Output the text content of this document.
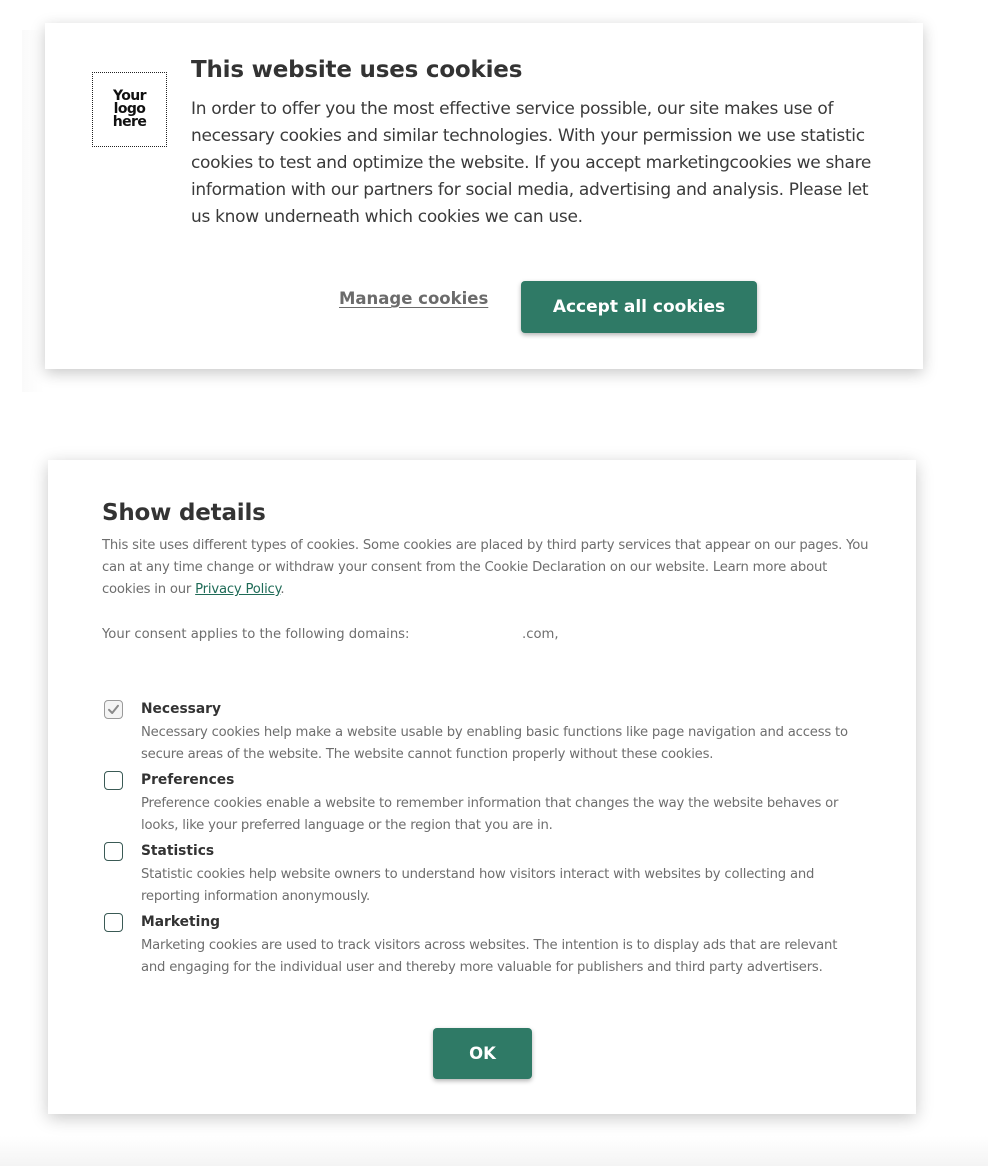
Your logo here
This website uses cookies

In order to offer you the most effective service possible, our site makes use of necessary cookies and similar technologies. With your permission we use statistic cookies to test and optimize the website. If you accept marketingcookies we share information with our partners for social media, advertising and analysis. Please let us know underneath which cookies we can use.

Manage cookies	Accept all cookies
Show details

This site uses different types of cookies. Some cookies are placed by third party services that appear on our pages. You can at any time change or withdraw your consent from the Cookie Declaration on our website. Learn more about cookies in our Privacy Policy.

Your consent applies to the following domains:	.com,
Necessary

Necessary cookies help make a website usable by enabling basic functions like page navigation and access to secure areas of the website. The website cannot function properly without these cookies.

Preferences

Preference cookies enable a website to remember information that changes the way the website behaves or looks, like your preferred language or the region that you are in.

Statistics

Statistic cookies help website owners to understand how visitors interact with websites by collecting and reporting information anonymously.

Marketing

Marketing cookies are used to track visitors across websites. The intention is to display ads that are relevant and engaging for the individual user and thereby more valuable for publishers and third party advertisers.

OK
